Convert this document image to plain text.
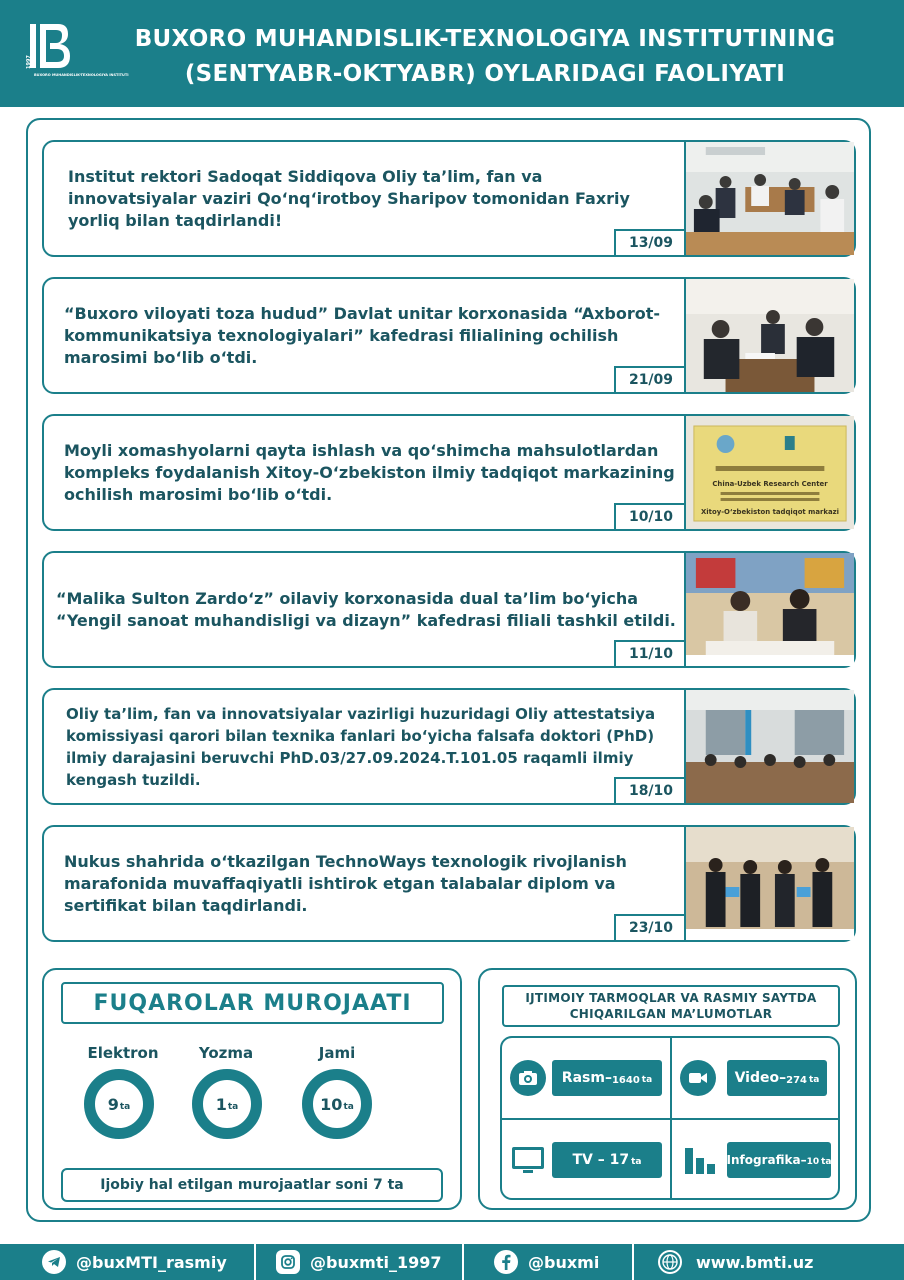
1997
BUXORO MUHANDISLIK-TEXNOLOGIYA INSTITUTI
BUXORO MUHANDISLIK-TEXNOLOGIYA INSTITUTINING
(SENTYABR-OKTYABR) OYLARIDAGI FAOLIYATI
Institut rektori Sadoqat Siddiqova Oliy ta’lim, fan va innovatsiyalar vaziri Qo‘nq‘irotboy Sharipov tomonidan Faxriy yorliq bilan taqdirlandi!
13/09
“Buxoro viloyati toza hudud” Davlat unitar korxonasida “Axborot-kommunikatsiya texnologiyalari” kafedrasi filialining ochilish marosimi bo‘lib o‘tdi.
21/09
Moyli xomashyolarni qayta ishlash va qo‘shimcha mahsulotlardan kompleks foydalanish Xitoy-O‘zbekiston ilmiy tadqiqot markazining ochilish marosimi bo‘lib o‘tdi.
10/10
China-Uzbek Research Center
Xitoy-O‘zbekiston tadqiqot markazi
“Malika Sulton Zardo‘z” oilaviy korxonasida dual ta’lim bo‘yicha “Yengil sanoat muhandisligi va dizayn” kafedrasi filiali tashkil etildi.
11/10
Oliy ta’lim, fan va innovatsiyalar vazirligi huzuridagi Oliy attestatsiya komissiyasi qarori bilan texnika fanlari bo‘yicha falsafa doktori (PhD) ilmiy darajasini beruvchi PhD.03/27.09.2024.T.101.05 raqamli ilmiy kengash tuzildi.
18/10
Nukus shahrida o‘tkazilgan TechnoWays texnologik rivojlanish marafonida muvaffaqiyatli ishtirok etgan talabalar diplom va sertifikat bilan taqdirlandi.
23/10
FUQAROLAR MUROJAATI
Elektron
9 ta
Yozma
1 ta
Jami
10 ta
Ijobiy hal etilgan murojaatlar soni 7 ta
IJTIMOIY TARMOQLAR VA RASMIY SAYTDA
CHIQARILGAN MA’LUMOTLAR
Rasm – 1640 ta	Video – 274 ta
TV – 17 ta	Infografika – 10 ta
@buxMTI_rasmiy	@buxmti_1997	@buxmi	www.bmti.uz
